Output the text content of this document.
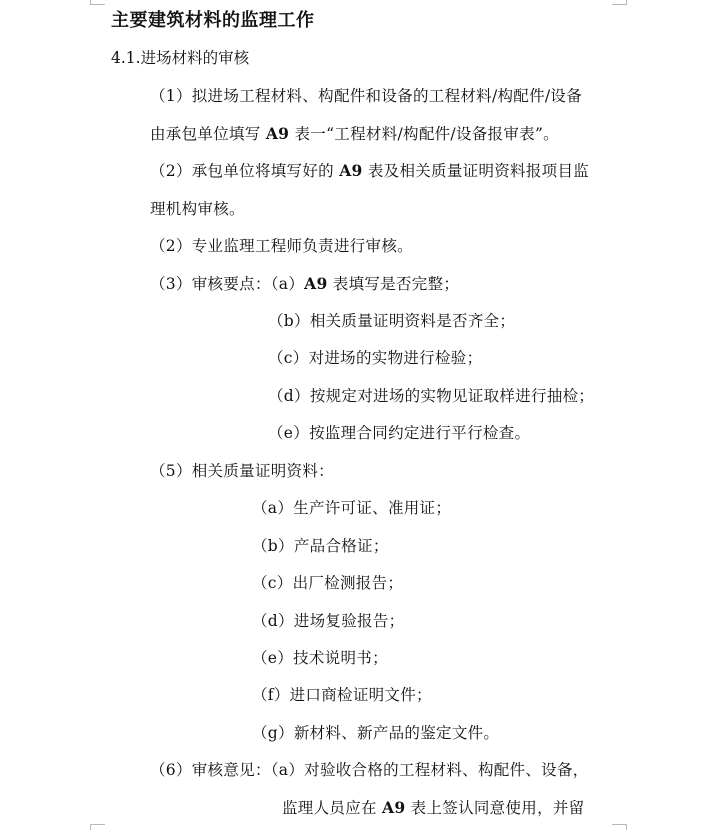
主要建筑材料的监理工作
4.1.进场材料的审核
（1）拟进场工程材料、构配件和设备的工程材料/构配件/设备
由承包单位填写 A9 表一“工程材料/构配件/设备报审表”。
（2）承包单位将填写好的 A9 表及相关质量证明资料报项目监
理机构审核。
（2）专业监理工程师负责进行审核。
（3）审核要点：（a）A9 表填写是否完整；
（b）相关质量证明资料是否齐全；
（c）对进场的实物进行检验；
（d）按规定对进场的实物见证取样进行抽检；
（e）按监理合同约定进行平行检查。
（5）相关质量证明资料：
（a）生产许可证、准用证；
（b）产品合格证；
（c）出厂检测报告；
（d）进场复验报告；
（e）技术说明书；
（f）进口商检证明文件；
（g）新材料、新产品的鉴定文件。
（6）审核意见：（a）对验收合格的工程材料、构配件、设备，
监理人员应在 A9 表上签认同意使用，并留
